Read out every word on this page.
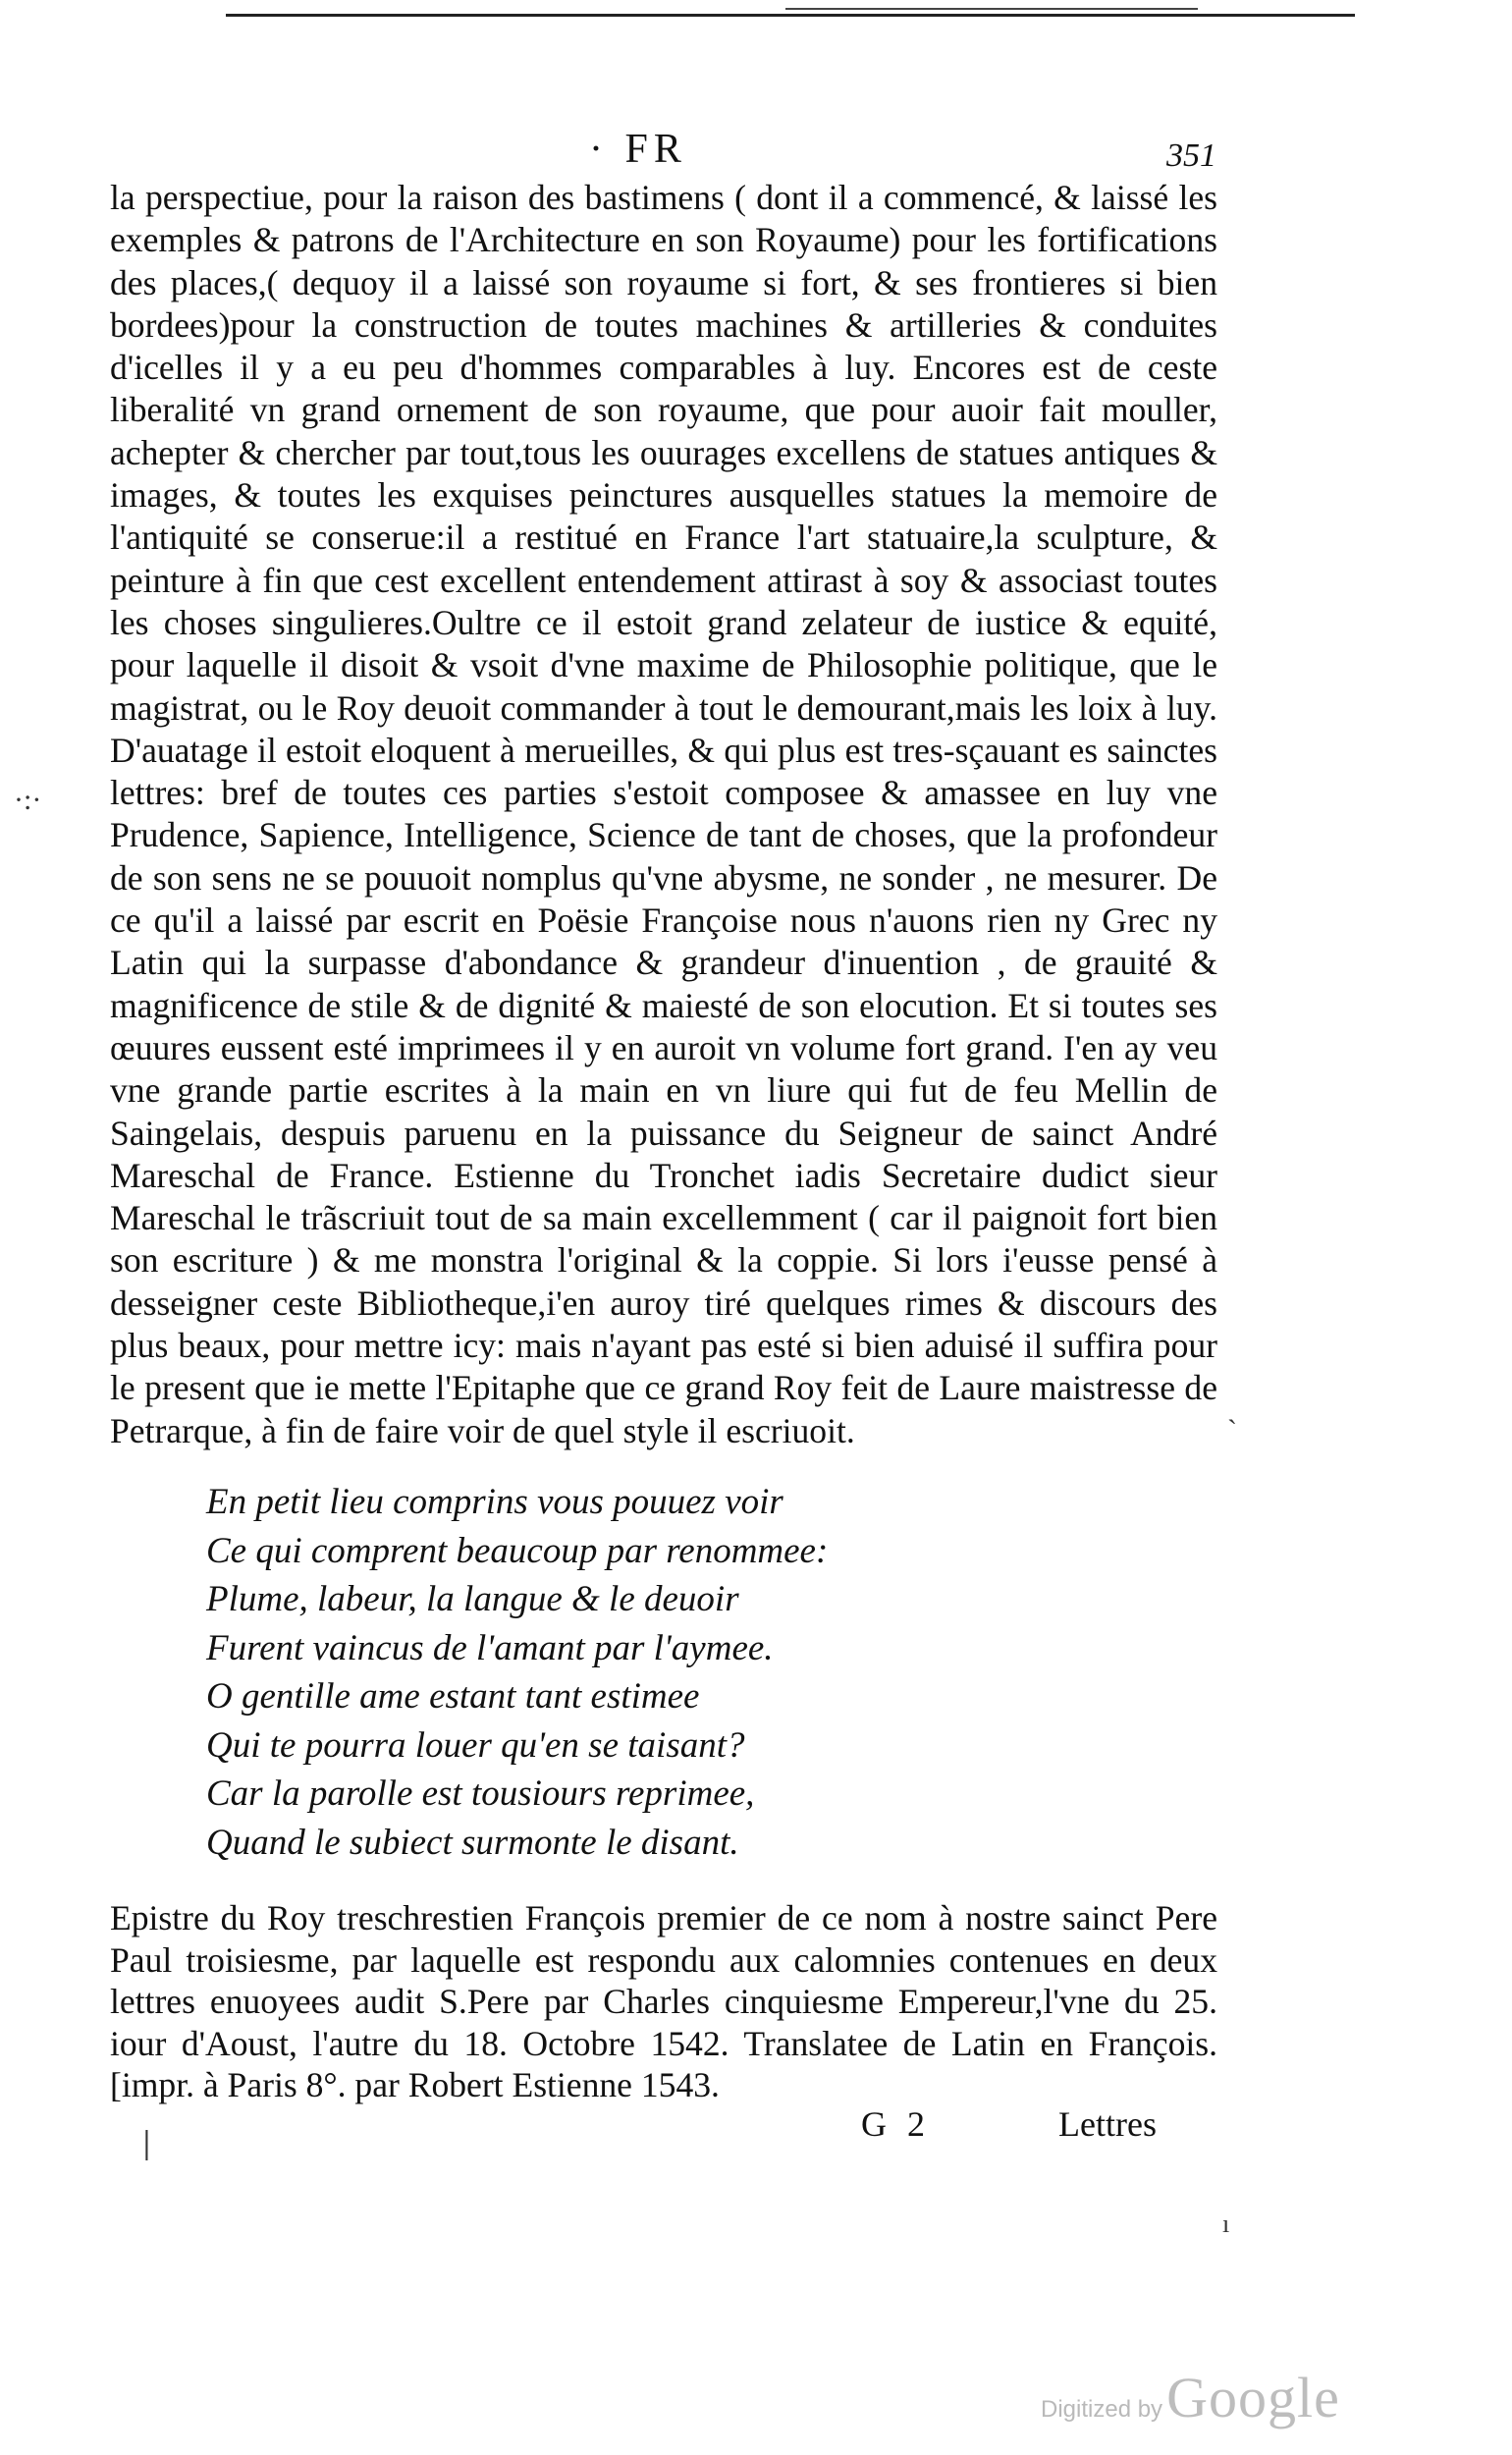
· FR	351

la perspectiue, pour la raison des bastimens ( dont il a commencé, & laissé les exemples & patrons de l'Architecture en son Royaume) pour les fortifications des places,( dequoy il a laissé son royaume si fort, & ses frontieres si bien bordees)pour la construction de toutes machines & artilleries & conduites d'icelles il y a eu peu d'hommes comparables à luy. Encores est de ceste liberalité vn grand ornement de son royaume, que pour auoir fait mouller, achepter & chercher par tout,tous les ouurages excellens de statues antiques & images, & toutes les exquises peinctures ausquelles statues la memoire de l'antiquité se conserue:il a restitué en France l'art statuaire,la sculpture, & peinture à fin que cest excellent entendement attirast à soy & associast toutes les choses singulieres.Oultre ce il estoit grand zelateur de iustice & equité, pour laquelle il disoit & vsoit d'vne maxime de Philosophie politique, que le magistrat, ou le Roy deuoit commander à tout le demourant,mais les loix à luy. D'auatage il estoit eloquent à merueilles, & qui plus est tres-sçauant es sainctes lettres: bref de toutes ces parties s'estoit composee & amassee en luy vne Prudence, Sapience, Intelligence, Science de tant de choses, que la profondeur de son sens ne se pouuoit nomplus qu'vne abysme, ne sonder , ne mesurer. De ce qu'il a laissé par escrit en Poësie Françoise nous n'auons rien ny Grec ny Latin qui la surpasse d'abondance & grandeur d'inuention , de grauité & magnificence de stile & de dignité & maiesté de son elocution. Et si toutes ses œuures eussent esté imprimees il y en auroit vn volume fort grand. I'en ay veu vne grande partie escrites à la main en vn liure qui fut de feu Mellin de Saingelais, despuis paruenu en la puissance du Seigneur de sainct André Mareschal de France. Estienne du Tronchet iadis Secretaire dudict sieur Mareschal le trãscriuit tout de sa main excellemment ( car il paignoit fort bien son escriture ) & me monstra l'original & la coppie. Si lors i'eusse pensé à desseigner ceste Bibliotheque,i'en auroy tiré quelques rimes & discours des plus beaux, pour mettre icy: mais n'ayant pas esté si bien aduisé il suffira pour le present que ie mette l'Epitaphe que ce grand Roy feit de Laure maistresse de Petrarque, à fin de faire voir de quel style il escriuoit.

·:·
ˋ
ǀ
ı
En petit lieu comprins vous pouuez voir
Ce qui comprent beaucoup par renommee:
Plume, labeur, la langue & le deuoir
Furent vaincus de l'amant par l'aymee.
O gentille ame estant tant estimee
Qui te pourra louer qu'en se taisant?
Car la parolle est tousiours reprimee,
Quand le subiect surmonte le disant.

Epistre du Roy treschrestien François premier de ce nom à nostre sainct Pere Paul troisiesme, par laquelle est respondu aux calomnies contenues en deux lettres enuoyees audit S.Pere par Charles cinquiesme Empereur,l'vne du 25. iour d'Aoust, l'autre du 18. Octobre 1542. Translatee de Latin en François. [impr. à Paris 8°. par Robert Estienne 1543.

G 2	Lettres
Digitized by Google
